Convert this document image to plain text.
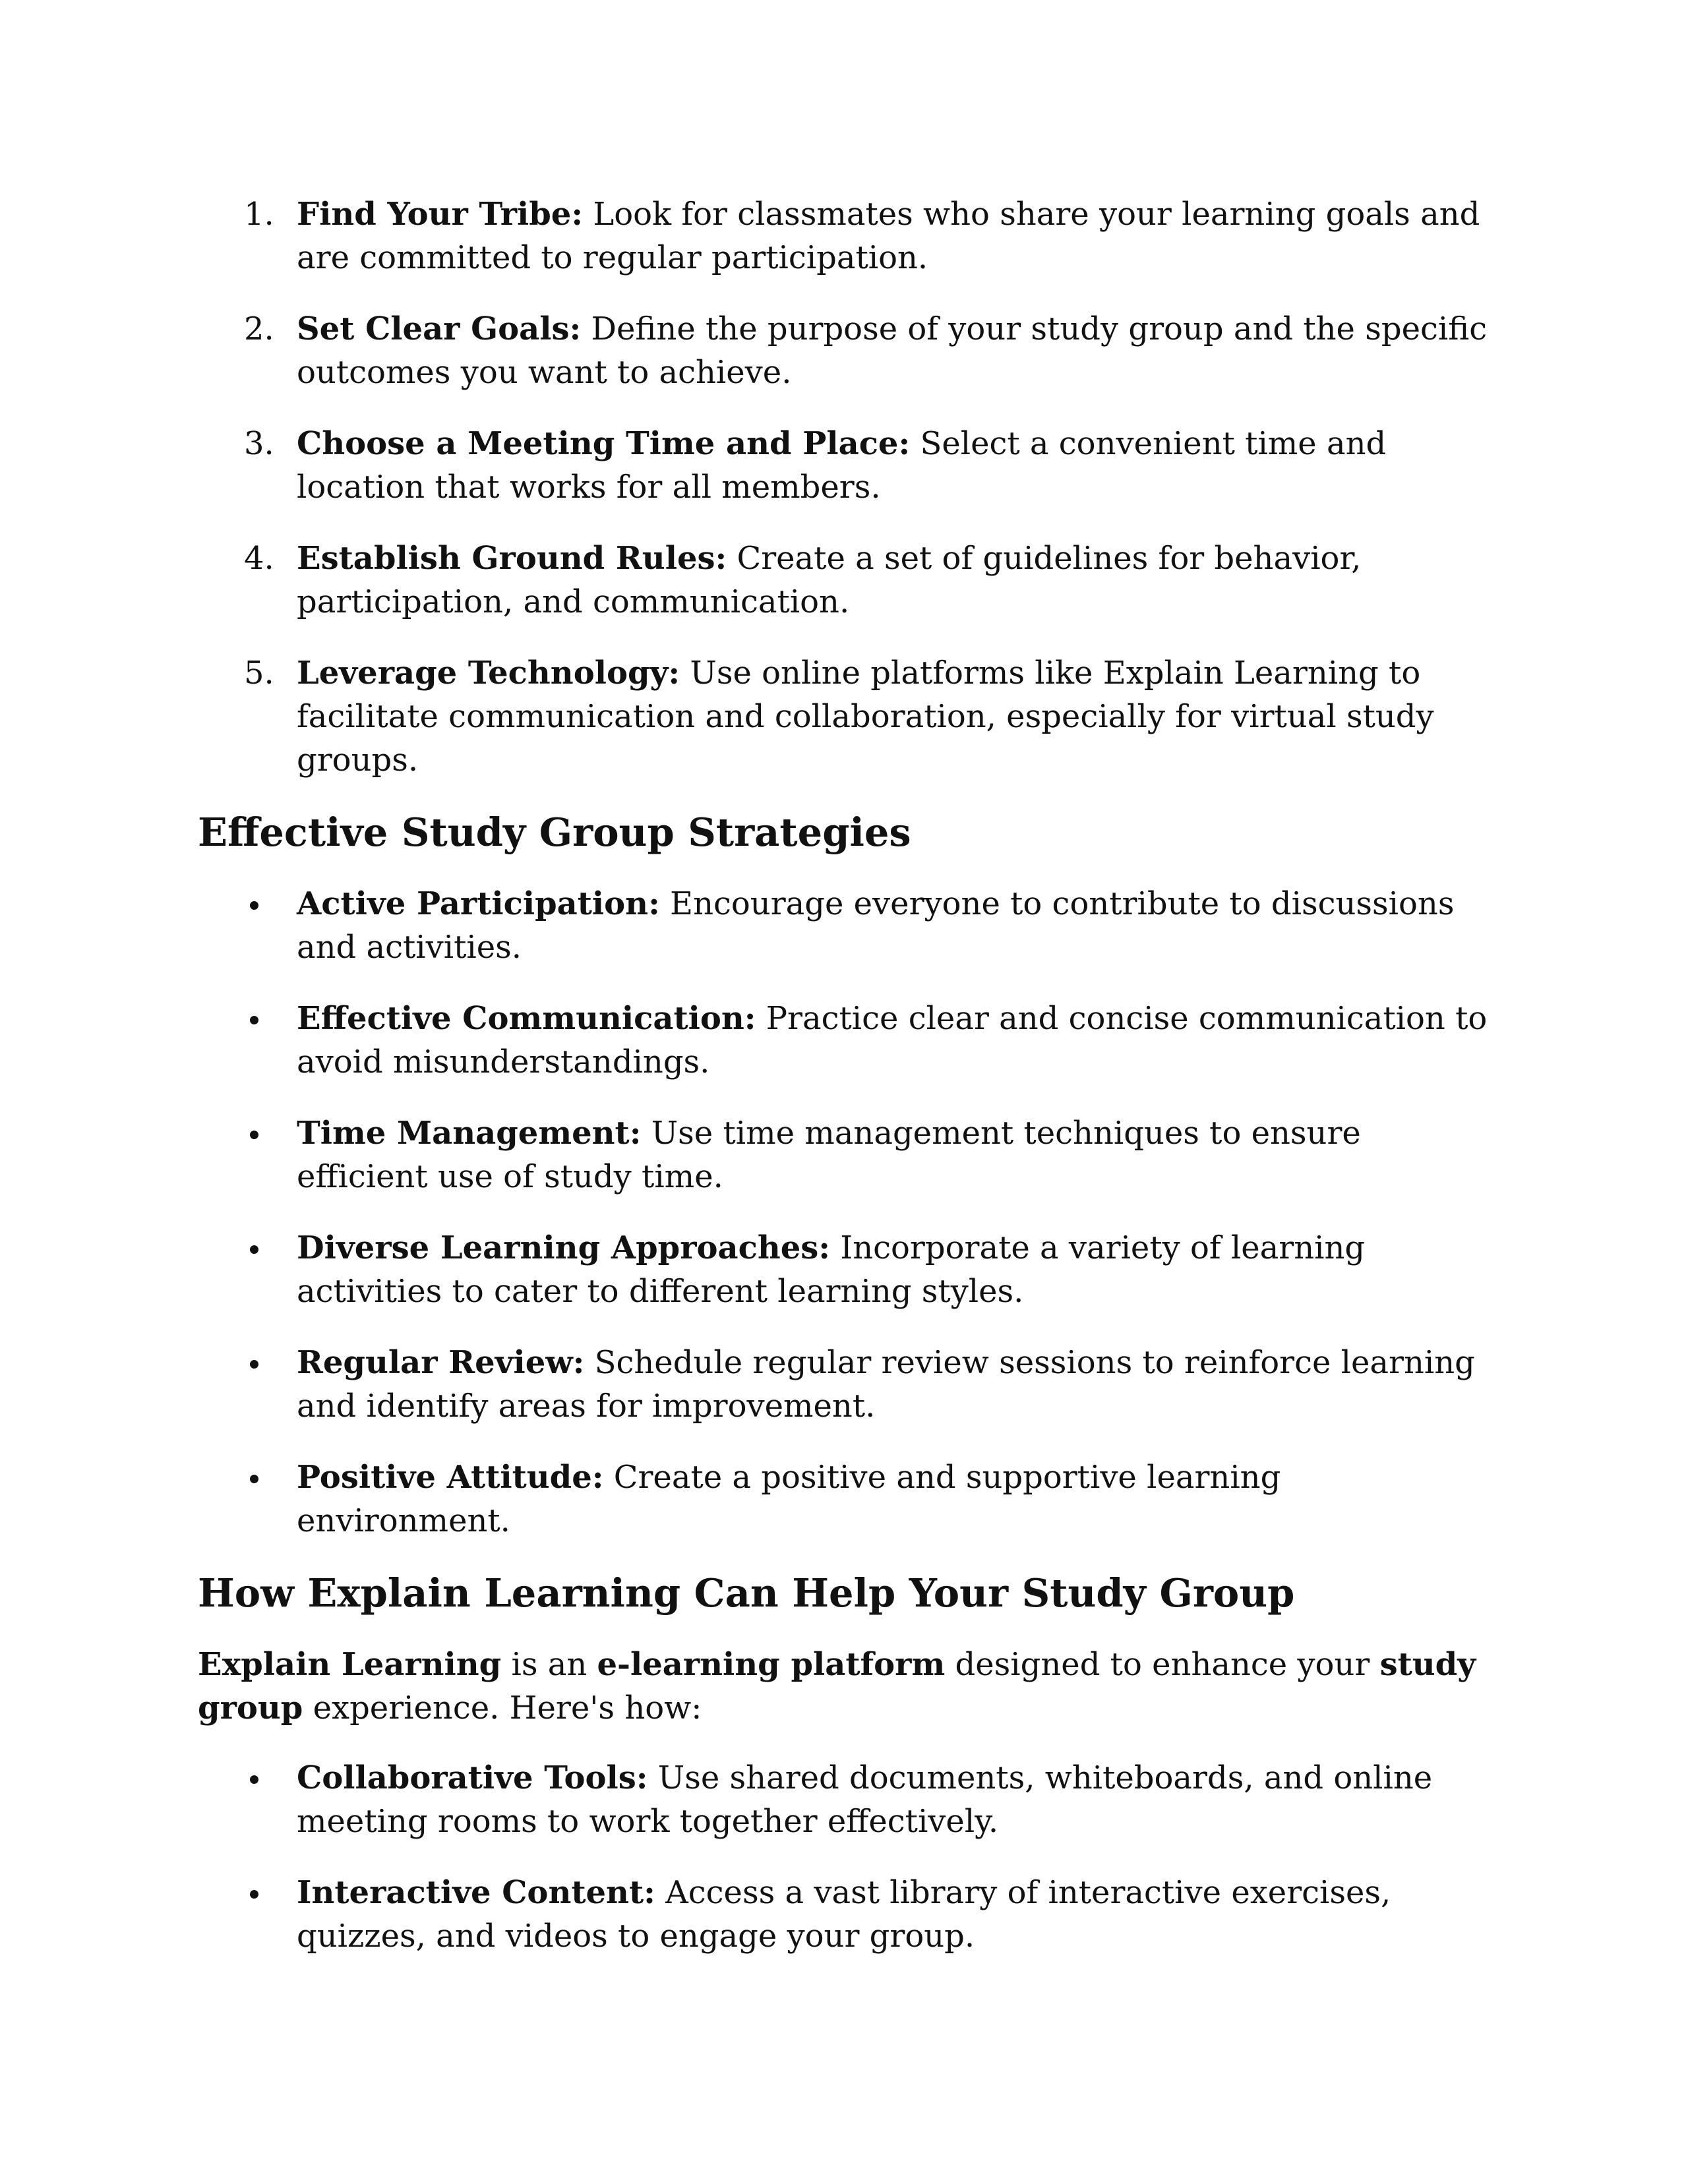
1. Find Your Tribe: Look for classmates who share your learning goals and are committed to regular participation.
2. Set Clear Goals: Define the purpose of your study group and the specific outcomes you want to achieve.
3. Choose a Meeting Time and Place: Select a convenient time and location that works for all members.
4. Establish Ground Rules: Create a set of guidelines for behavior, participation, and communication.
5. Leverage Technology: Use online platforms like Explain Learning to facilitate communication and collaboration, especially for virtual study groups.
Effective Study Group Strategies
Active Participation: Encourage everyone to contribute to discussions and activities.
Effective Communication: Practice clear and concise communication to avoid misunderstandings.
Time Management: Use time management techniques to ensure efficient use of study time.
Diverse Learning Approaches: Incorporate a variety of learning activities to cater to different learning styles.
Regular Review: Schedule regular review sessions to reinforce learning and identify areas for improvement.
Positive Attitude: Create a positive and supportive learning environment.
How Explain Learning Can Help Your Study Group

Explain Learning is an e-learning platform designed to enhance your study group experience. Here's how:

Collaborative Tools: Use shared documents, whiteboards, and online meeting rooms to work together effectively.
Interactive Content: Access a vast library of interactive exercises, quizzes, and videos to engage your group.
